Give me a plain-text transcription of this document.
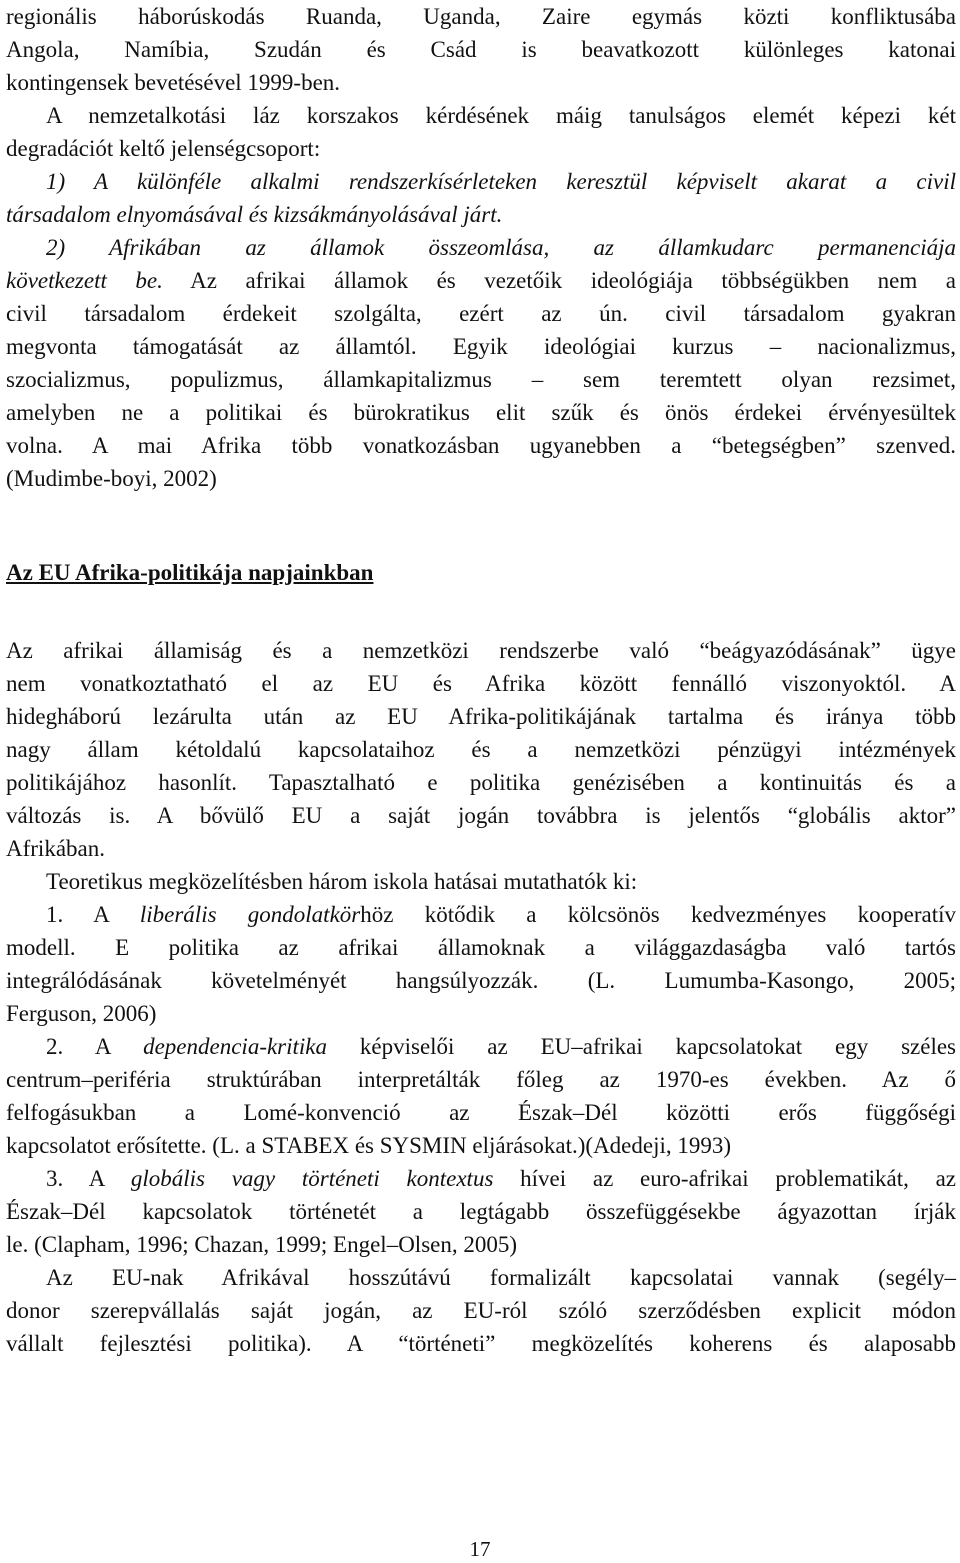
regionális háborúskodás Ruanda, Uganda, Zaire egymás közti konfliktusába
Angola, Namíbia, Szudán és Csád is beavatkozott különleges katonai
kontingensek bevetésével 1999-ben.
A nemzetalkotási láz korszakos kérdésének máig tanulságos elemét képezi két
degradációt keltő jelenségcsoport:
1) A különféle alkalmi rendszerkísérleteken keresztül képviselt akarat a civil
társadalom elnyomásával és kizsákmányolásával járt.
2) Afrikában az államok összeomlása, az államkudarc permanenciája
következett be. Az afrikai államok és vezetőik ideológiája többségükben nem a
civil társadalom érdekeit szolgálta, ezért az ún. civil társadalom gyakran
megvonta támogatását az államtól. Egyik ideológiai kurzus – nacionalizmus,
szocializmus, populizmus, államkapitalizmus – sem teremtett olyan rezsimet,
amelyben ne a politikai és bürokratikus elit szűk és önös érdekei érvényesültek
volna. A mai Afrika több vonatkozásban ugyanebben a “betegségben” szenved.
(Mudimbe-boyi, 2002)
Az EU Afrika-politikája napjainkban
Az afrikai államiság és a nemzetközi rendszerbe való “beágyazódásának” ügye
nem vonatkoztatható el az EU és Afrika között fennálló viszonyoktól. A
hidegháború lezárulta után az EU Afrika-politikájának tartalma és iránya több
nagy állam kétoldalú kapcsolataihoz és a nemzetközi pénzügyi intézmények
politikájához hasonlít. Tapasztalható e politika genézisében a kontinuitás és a
változás is. A bővülő EU a saját jogán továbbra is jelentős “globális aktor”
Afrikában.
Teoretikus megközelítésben három iskola hatásai mutathatók ki:
1. A liberális gondolatkörhöz kötődik a kölcsönös kedvezményes kooperatív
modell. E politika az afrikai államoknak a világgazdaságba való tartós
integrálódásának követelményét hangsúlyozzák. (L. Lumumba-Kasongo, 2005;
Ferguson, 2006)
2. A dependencia-kritika képviselői az EU–afrikai kapcsolatokat egy széles
centrum–periféria struktúrában interpretálták főleg az 1970-es években. Az ő
felfogásukban a Lomé-konvenció az Észak–Dél közötti erős függőségi
kapcsolatot erősítette. (L. a STABEX és SYSMIN eljárásokat.)(Adedeji, 1993)
3. A globális vagy történeti kontextus hívei az euro-afrikai problematikát, az
Észak–Dél kapcsolatok történetét a legtágabb összefüggésekbe ágyazottan írják
le. (Clapham, 1996; Chazan, 1999; Engel–Olsen, 2005)
Az EU-nak Afrikával hosszútávú formalizált kapcsolatai vannak (segély–
donor szerepvállalás saját jogán, az EU-ról szóló szerződésben explicit módon
vállalt fejlesztési politika). A “történeti” megközelítés koherens és alaposabb
17
